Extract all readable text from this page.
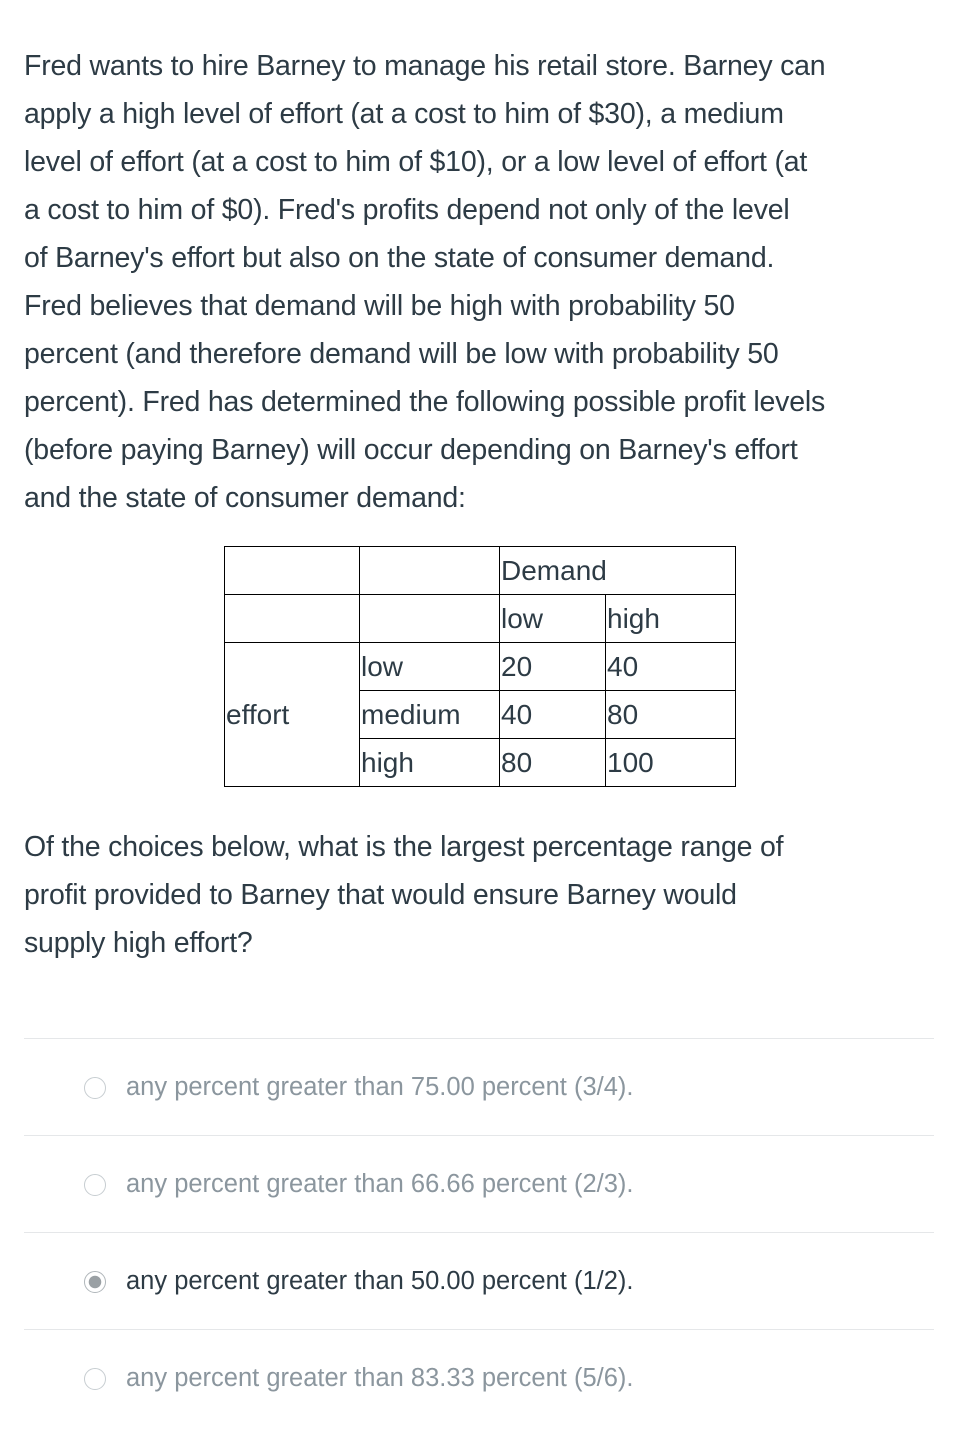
Fred wants to hire Barney to manage his retail store. Barney can
apply a high level of effort (at a cost to him of $30), a medium
level of effort (at a cost to him of $10), or a low level of effort (at
a cost to him of $0). Fred's profits depend not only of the level
of Barney's effort but also on the state of consumer demand.
Fred believes that demand will be high with probability 50
percent (and therefore demand will be low with probability 50
percent). Fred has determined the following possible profit levels
(before paying Barney) will occur depending on Barney's effort
and the state of consumer demand:
		Demand	
		low	high
effort	low	20	40
	medium	40	80
	high	80	100
Of the choices below, what is the largest percentage range of
profit provided to Barney that would ensure Barney would
supply high effort?
any percent greater than 75.00 percent (3/4).
any percent greater than 66.66 percent (2/3).
any percent greater than 50.00 percent (1/2).
any percent greater than 83.33 percent (5/6).
